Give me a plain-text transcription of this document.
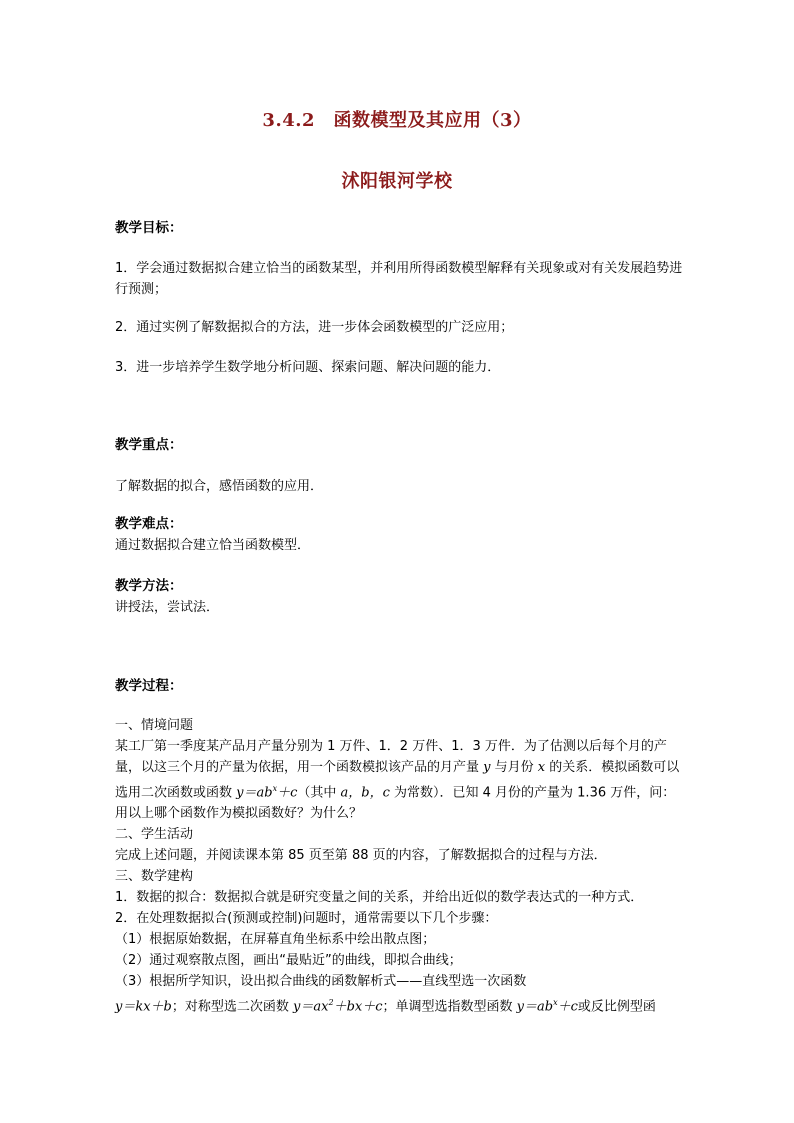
3.4.2　函数模型及其应用（3）
沭阳银河学校
教学目标：

1．学会通过数据拟合建立恰当的函数某型，并利用所得函数模型解释有关现象或对有关发展趋势进行预测；

2．通过实例了解数据拟合的方法，进一步体会函数模型的广泛应用；

3．进一步培养学生数学地分析问题、探索问题、解决问题的能力．

教学重点：

了解数据的拟合，感悟函数的应用．

教学难点：

通过数据拟合建立恰当函数模型．

教学方法：

讲授法，尝试法．

教学过程：

一、情境问题

某工厂第一季度某产品月产量分别为 1 万件、1．2 万件、1．3 万件．为了估测以后每个月的产量，以这三个月的产量为依据，用一个函数模拟该产品的月产量 y 与月份 x 的关系．模拟函数可以选用二次函数或函数 $y=ab^x+c$（其中 a，b，c 为常数）．已知 4 月份的产量为 1.36 万件，问：用以上哪个函数作为模拟函数好？为什么？

二、学生活动

完成上述问题，并阅读课本第 85 页至第 88 页的内容，了解数据拟合的过程与方法．

三、数学建构

1．数据的拟合：数据拟合就是研究变量之间的关系，并给出近似的数学表达式的一种方式．

2．在处理数据拟合(预测或控制)问题时，通常需要以下几个步骤：

（1）根据原始数据，在屏幕直角坐标系中绘出散点图；

（2）通过观察散点图，画出“最贴近”的曲线，即拟合曲线；

（3）根据所学知识，设出拟合曲线的函数解析式——直线型选一次函数

y＝kx＋b；对称型选二次函数 $y=ax^2+bx+c$；单调型选指数型函数 $y=ab^x+c$或反比例型函
